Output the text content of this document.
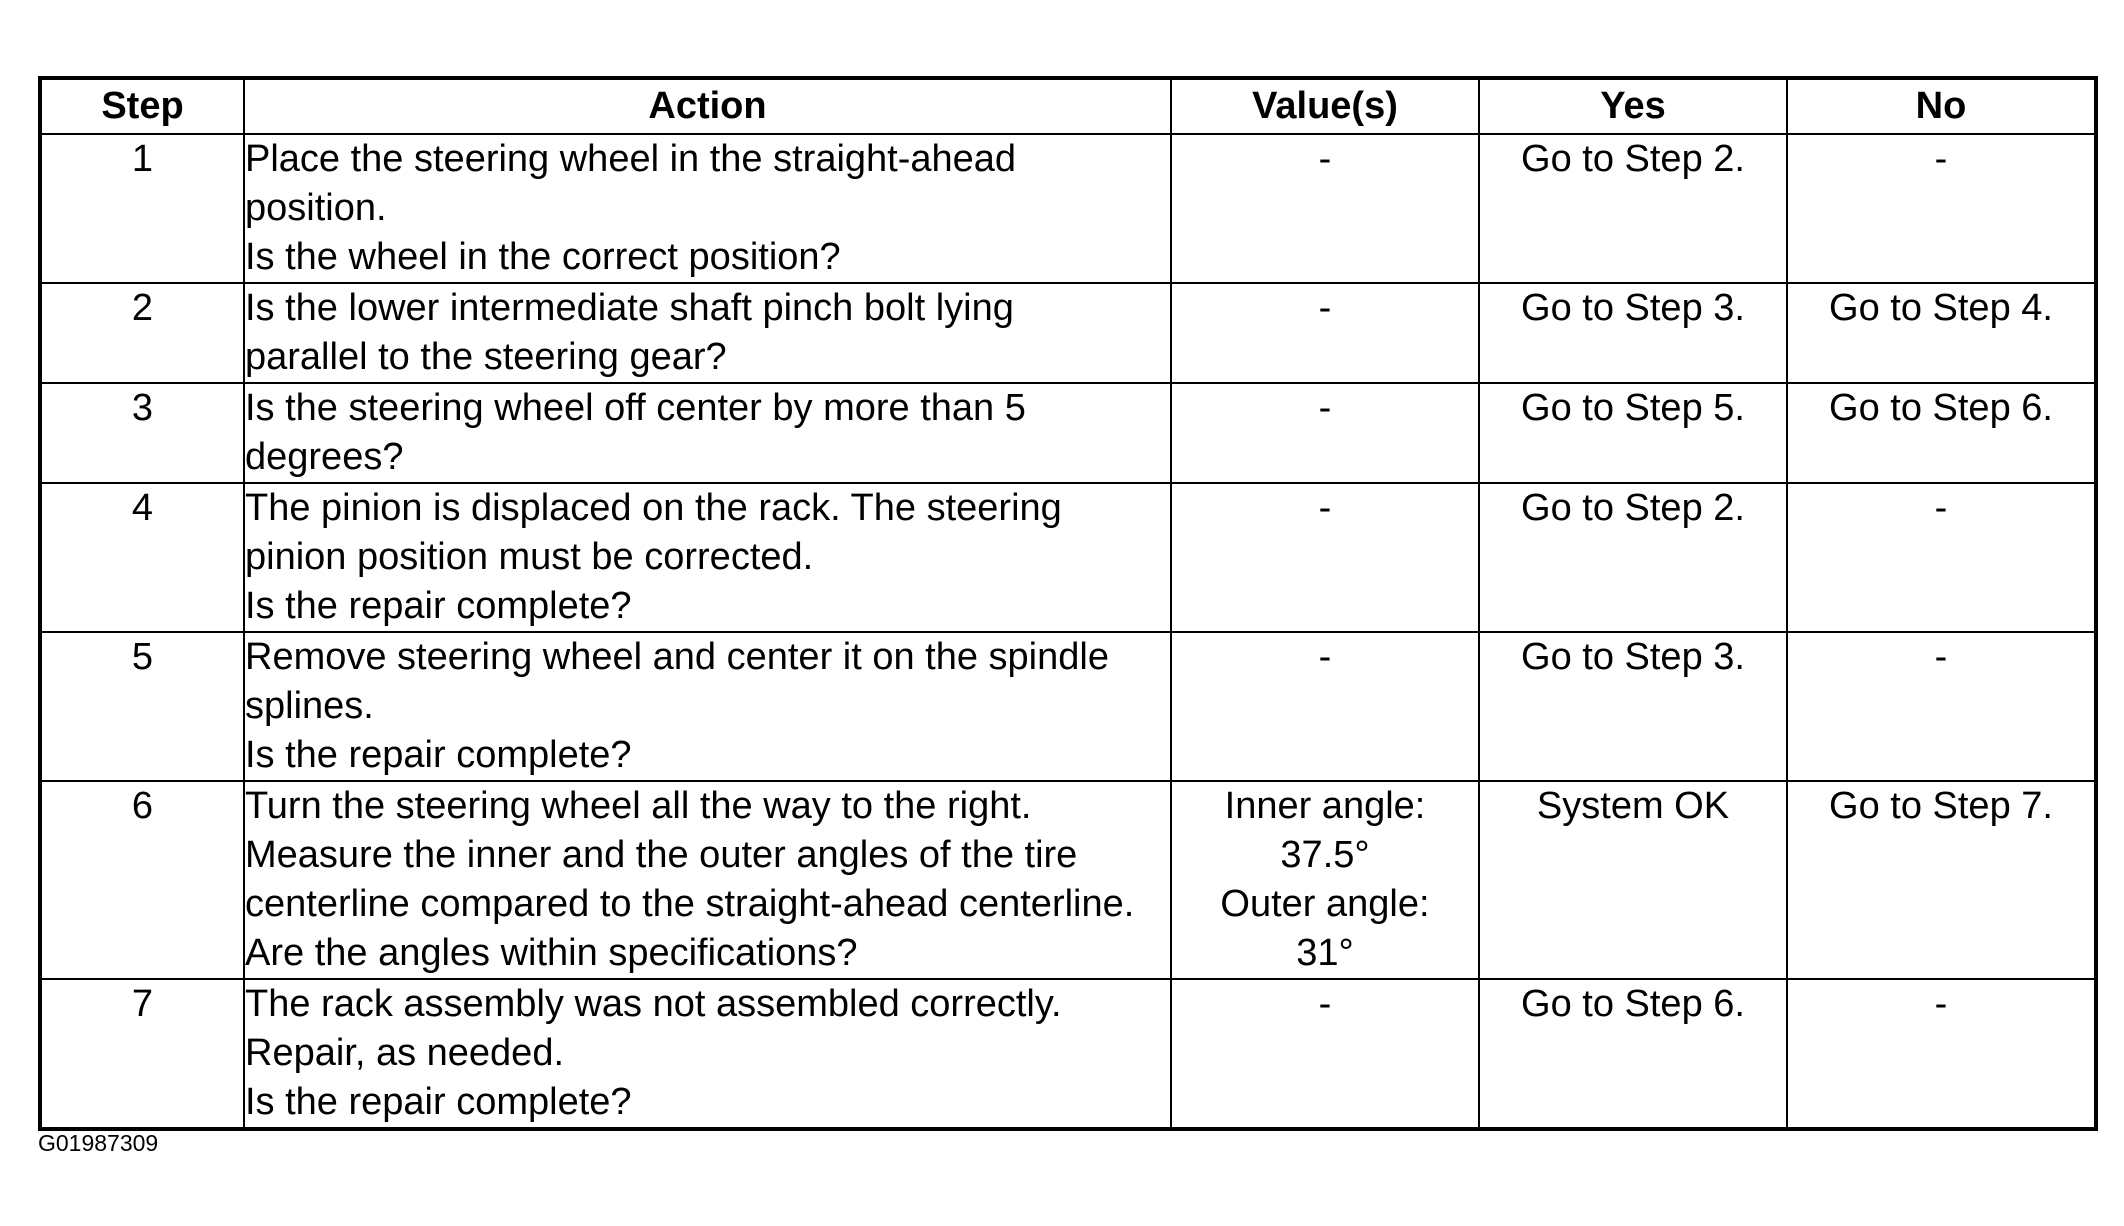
Step	Action	Value(s)	Yes	No
1	Place the steering wheel in the straight-ahead
position.
Is the wheel in the correct position?	-	Go to Step 2.	-
2	Is the lower intermediate shaft pinch bolt lying
parallel to the steering gear?	-	Go to Step 3.	Go to Step 4.
3	Is the steering wheel off center by more than 5
degrees?	-	Go to Step 5.	Go to Step 6.
4	The pinion is displaced on the rack. The steering
pinion position must be corrected.
Is the repair complete?	-	Go to Step 2.	-
5	Remove steering wheel and center it on the spindle
splines.
Is the repair complete?	-	Go to Step 3.	-
6	Turn the steering wheel all the way to the right.
Measure the inner and the outer angles of the tire
centerline compared to the straight-ahead centerline.
Are the angles within specifications?	Inner angle:
37.5°
Outer angle:
31°	System OK	Go to Step 7.
7	The rack assembly was not assembled correctly.
Repair, as needed.
Is the repair complete?	-	Go to Step 6.	-
G01987309
